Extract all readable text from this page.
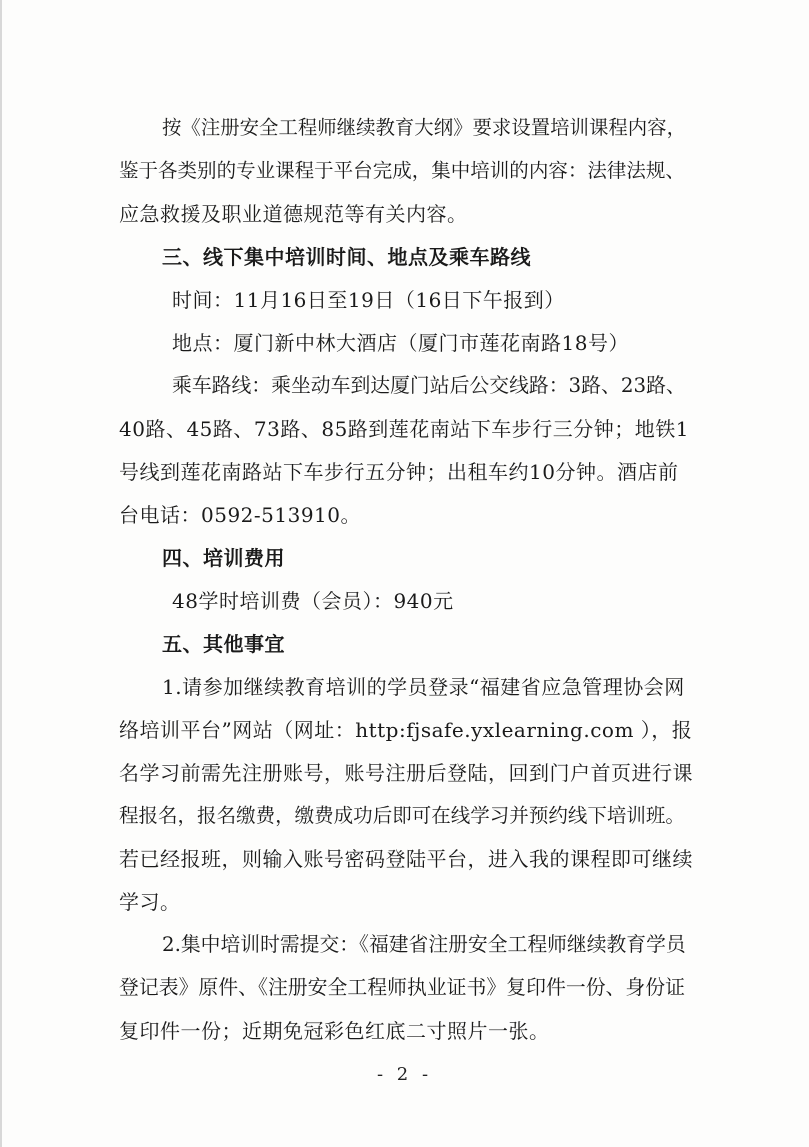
按《注册安全工程师继续教育大纲》要求设置培训课程内容，
鉴于各类别的专业课程于平台完成，集中培训的内容：法律法规、
应急救援及职业道德规范等有关内容。
三、线下集中培训时间、地点及乘车路线
时间：11月16日至19日（16日下午报到）
地点：厦门新中林大酒店（厦门市莲花南路18号）
乘车路线：乘坐动车到达厦门站后公交线路：3路、23路、
40路、45路、73路、85路到莲花南站下车步行三分钟；地铁1
号线到莲花南路站下车步行五分钟；出租车约10分钟。酒店前
台电话：0592-513910。
四、培训费用
48学时培训费（会员）：940元
五、其他事宜
1.请参加继续教育培训的学员登录“福建省应急管理协会网
络培训平台”网站（网址：http:fjsafe.yxlearning.com ），报
名学习前需先注册账号，账号注册后登陆，回到门户首页进行课
程报名，报名缴费，缴费成功后即可在线学习并预约线下培训班。
若已经报班，则输入账号密码登陆平台，进入我的课程即可继续
学习。
2.集中培训时需提交：《福建省注册安全工程师继续教育学员
登记表》原件、《注册安全工程师执业证书》复印件一份、身份证
复印件一份；近期免冠彩色红底二寸照片一张。
- 2 -
